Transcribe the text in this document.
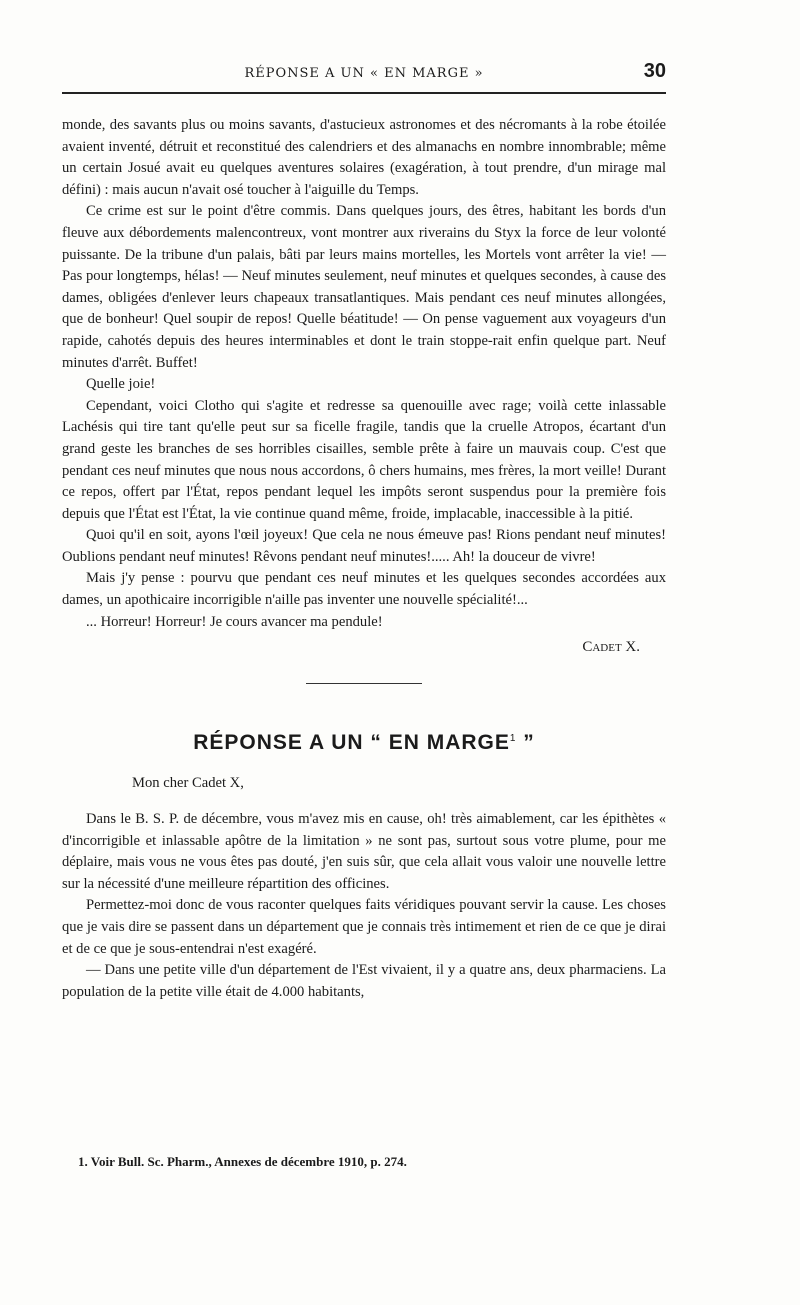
RÉPONSE A UN « EN MARGE »	30

monde, des savants plus ou moins savants, d'astucieux astronomes et des nécromants à la robe étoilée avaient inventé, détruit et reconstitué des calendriers et des almanachs en nombre innombrable; même un certain Josué avait eu quelques aventures solaires (exagération, à tout prendre, d'un mirage mal défini) : mais aucun n'avait osé toucher à l'aiguille du Temps.

Ce crime est sur le point d'être commis. Dans quelques jours, des êtres, habitant les bords d'un fleuve aux débordements malencontreux, vont montrer aux riverains du Styx la force de leur volonté puissante. De la tribune d'un palais, bâti par leurs mains mortelles, les Mortels vont arrêter la vie! — Pas pour longtemps, hélas! — Neuf minutes seulement, neuf minutes et quelques secondes, à cause des dames, obligées d'enlever leurs chapeaux transatlantiques. Mais pendant ces neuf minutes allongées, que de bonheur! Quel soupir de repos! Quelle béatitude! — On pense vaguement aux voyageurs d'un rapide, cahotés depuis des heures interminables et dont le train stoppe-rait enfin quelque part. Neuf minutes d'arrêt. Buffet!

Quelle joie!

Cependant, voici Clotho qui s'agite et redresse sa quenouille avec rage; voilà cette inlassable Lachésis qui tire tant qu'elle peut sur sa ficelle fragile, tandis que la cruelle Atropos, écartant d'un grand geste les branches de ses horribles cisailles, semble prête à faire un mauvais coup. C'est que pendant ces neuf minutes que nous nous accordons, ô chers humains, mes frères, la mort veille! Durant ce repos, offert par l'État, repos pendant lequel les impôts seront suspendus pour la première fois depuis que l'État est l'État, la vie continue quand même, froide, implacable, inaccessible à la pitié.

Quoi qu'il en soit, ayons l'œil joyeux! Que cela ne nous émeuve pas! Rions pendant neuf minutes! Oublions pendant neuf minutes! Rêvons pendant neuf minutes!..... Ah! la douceur de vivre!

Mais j'y pense : pourvu que pendant ces neuf minutes et les quelques secondes accordées aux dames, un apothicaire incorrigible n'aille pas inventer une nouvelle spécialité!...

... Horreur! Horreur! Je cours avancer ma pendule!

Cadet X.
RÉPONSE A UN “ EN MARGE$^1$ ”

Mon cher Cadet X,

Dans le B. S. P. de décembre, vous m'avez mis en cause, oh! très aimablement, car les épithètes « d'incorrigible et inlassable apôtre de la limitation » ne sont pas, surtout sous votre plume, pour me déplaire, mais vous ne vous êtes pas douté, j'en suis sûr, que cela allait vous valoir une nouvelle lettre sur la nécessité d'une meilleure répartition des officines.

Permettez-moi donc de vous raconter quelques faits véridiques pouvant servir la cause. Les choses que je vais dire se passent dans un département que je connais très intimement et rien de ce que je dirai et de ce que je sous-entendrai n'est exagéré.

— Dans une petite ville d'un département de l'Est vivaient, il y a quatre ans, deux pharmaciens. La population de la petite ville était de 4.000 habitants,

1. Voir Bull. Sc. Pharm., Annexes de décembre 1910, p. 274.
